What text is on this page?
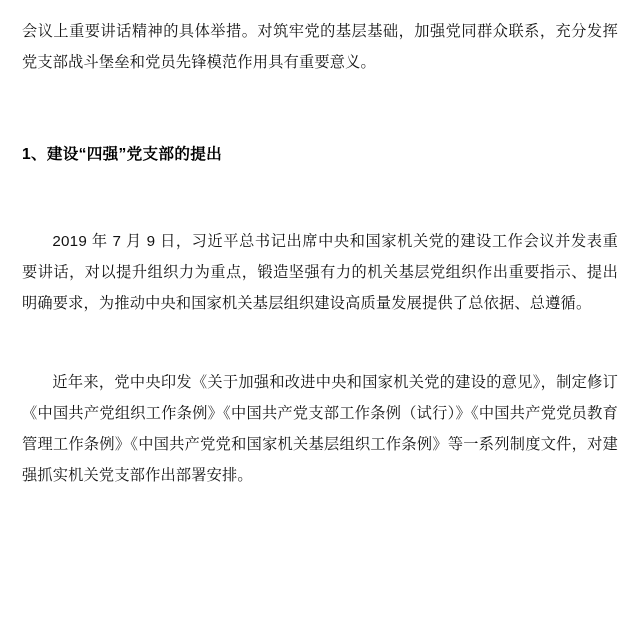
会议上重要讲话精神的具体举措。对筑牢党的基层基础，加强党同群众联系，充分发挥党支部战斗堡垒和党员先锋模范作用具有重要意义。

1、建设“四强”党支部的提出

2019 年 7 月 9 日，习近平总书记出席中央和国家机关党的建设工作会议并发表重要讲话，对以提升组织力为重点，锻造坚强有力的机关基层党组织作出重要指示、提出明确要求，为推动中央和国家机关基层组织建设高质量发展提供了总依据、总遵循。

近年来，党中央印发《关于加强和改进中央和国家机关党的建设的意见》，制定修订《中国共产党组织工作条例》《中国共产党支部工作条例（试行）》《中国共产党党员教育管理工作条例》《中国共产党党和国家机关基层组织工作条例》等一系列制度文件，对建强抓实机关党支部作出部署安排。
